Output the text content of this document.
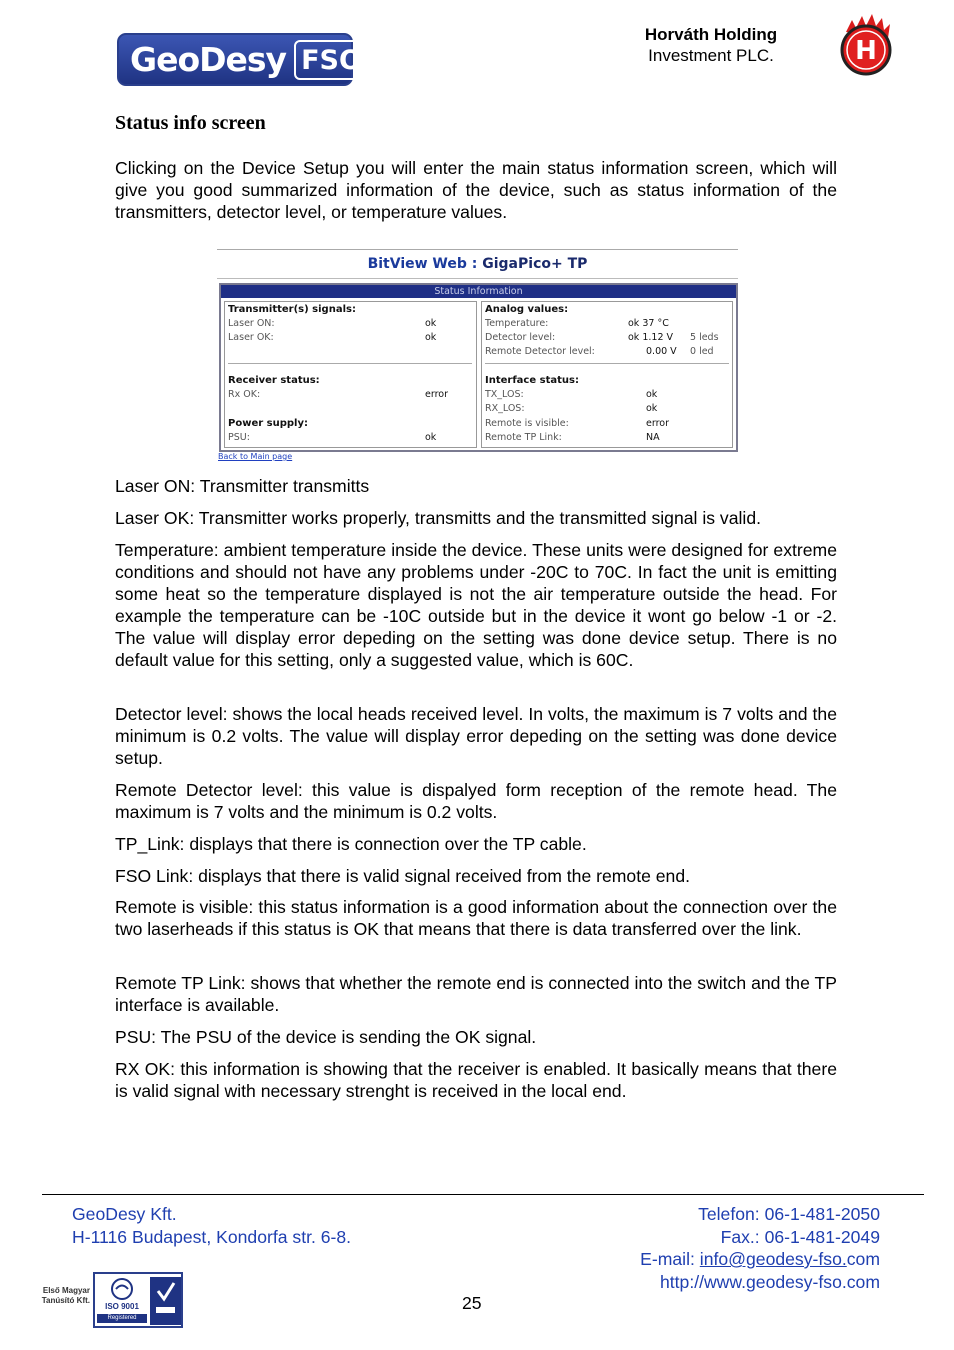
GeoDesy FSO
Horváth Holding
Investment PLC.	H
Status info screen
Clicking on the Device Setup you will enter the main status information screen, which will give you good summarized information of the device, such as status information of the transmitters, detector level, or temperature values.
BitView Web : GigaPico+ TP
Status Information
Transmitter(s) signals:
Laser ON:	ok
Laser OK:	ok
Receiver status:
Rx OK:	error
Power supply:
PSU:	ok
Analog values:
Temperature:	ok 37 °C
Detector level:	ok 1.12 V 5 leds
Remote Detector level:	0.00 V 0 led
Interface status:
TX_LOS:	ok
RX_LOS:	ok
Remote is visible:	error
Remote TP Link:	NA
Back to Main page
Laser ON: Transmitter transmitts
Laser OK: Transmitter works properly, transmitts and the transmitted signal is valid.
Temperature: ambient temperature inside the device. These units were designed for extreme conditions and should not have any problems under -20C to 70C. In fact the unit is emitting some heat so the temperature displayed is not the air temperature outside the head. For example the temperature can be -10C outside but in the device it wont go below -1 or -2. The value will display error depeding on the setting was done device setup. There is no default value for this setting, only a suggested value, which is 60C.
Detector level: shows the local heads received level. In volts, the maximum is 7 volts and the minimum is 0.2 volts. The value will display error depeding on the setting was done device setup.
Remote Detector level: this value is dispalyed form reception of the remote head. The maximum is 7 volts and the minimum is 0.2 volts.
TP_Link: displays that there is connection over the TP cable.
FSO Link: displays that there is valid signal received from the remote end.
Remote is visible: this status information is a good information about the connection over the two laserheads if this status is OK that means that there is data transferred over the link.
Remote TP Link: shows that whether the remote end is connected into the switch and the TP interface is available.
PSU: The PSU of the device is sending the OK signal.
RX OK: this information is showing that the receiver is enabled. It basically means that there is valid signal with necessary strenght is received in the local end.
GeoDesy Kft.
H-1116 Budapest, Kondorfa str. 6-8.
Telefon: 06-1-481-2050
Fax.: 06-1-481-2049
E-mail: info@geodesy-fso.com
http://www.geodesy-fso.com
25
Első Magyar Tanúsító Kft.
ISO 9001
Registered
